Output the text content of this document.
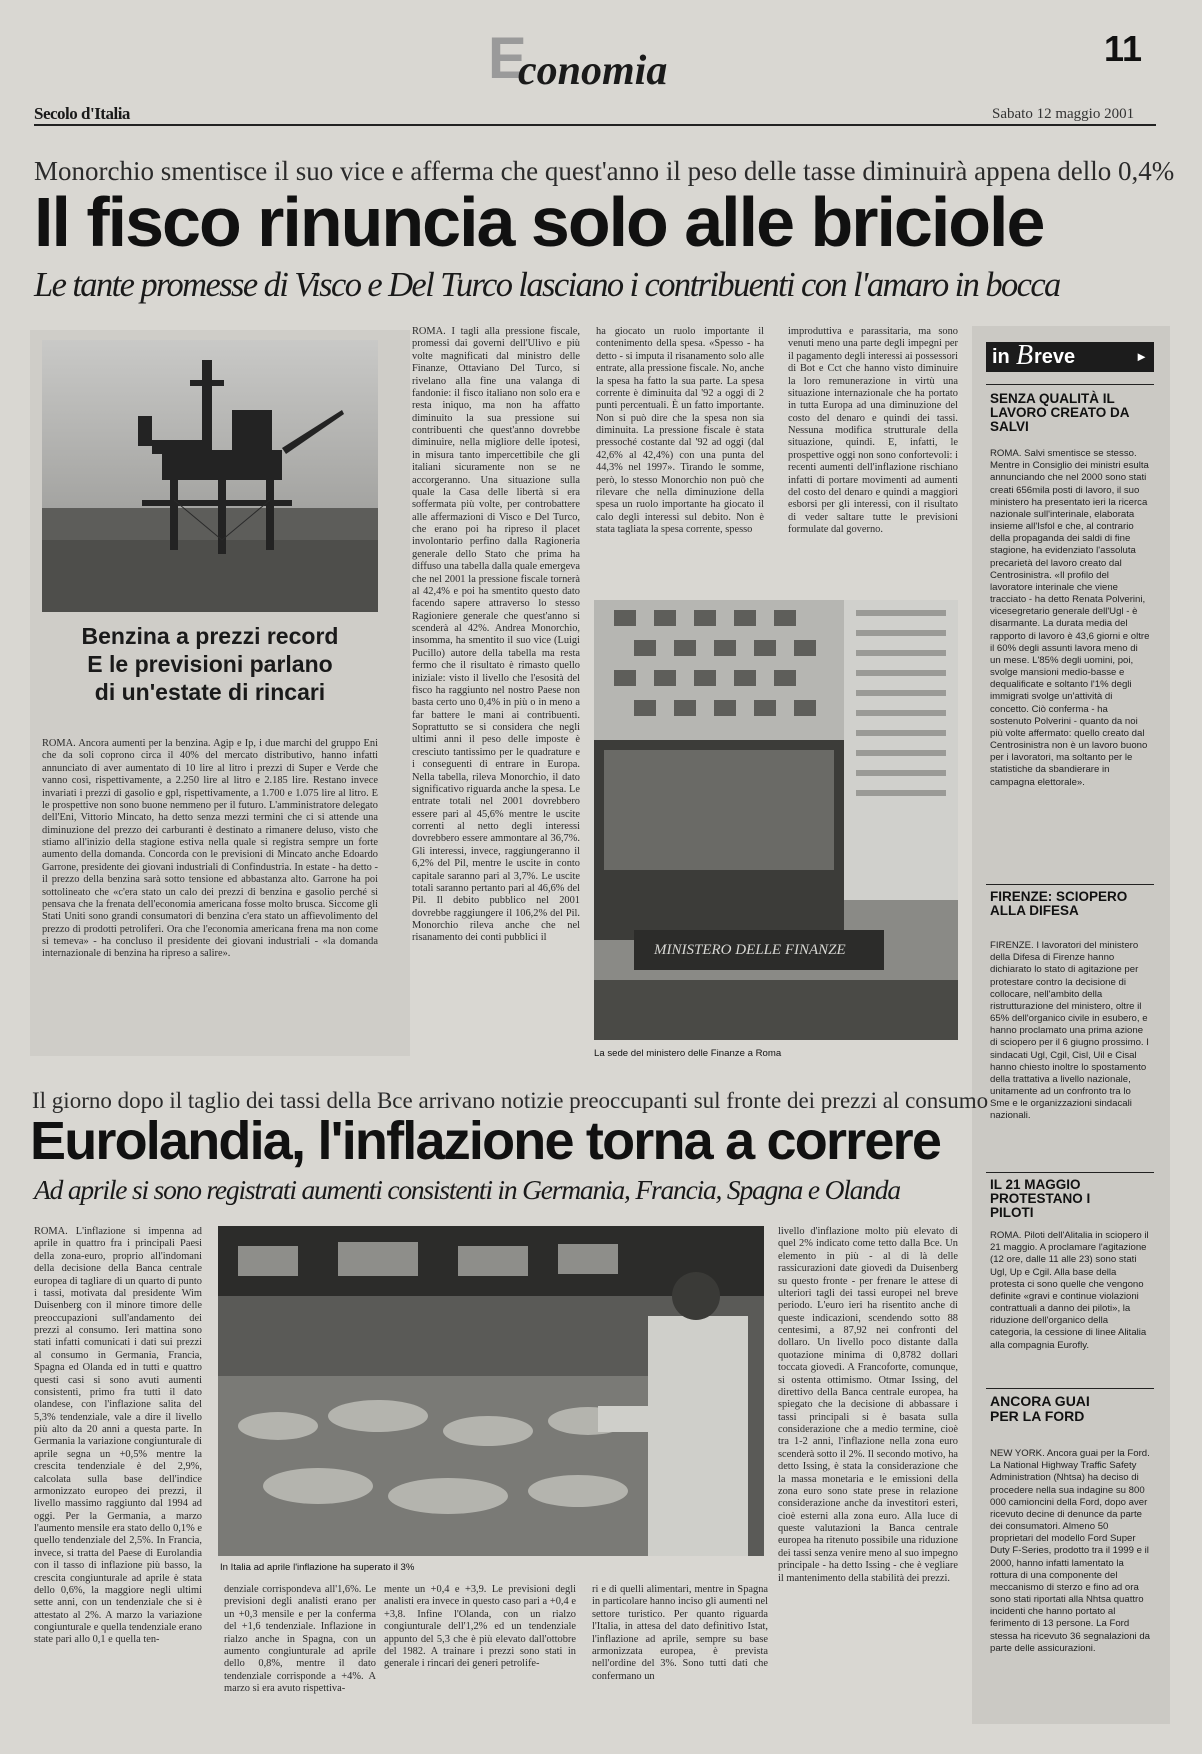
E
conomia	11
Secolo d'Italia	Sabato 12 maggio 2001
Monorchio smentisce il suo vice e afferma che quest'anno il peso delle tasse diminuirà appena dello 0,4%
Il fisco rinuncia solo alle briciole
Le tante promesse di Visco e Del Turco lasciano i contribuenti con l'amaro in bocca
Benzina a prezzi record
E le previsioni parlano
di un'estate di rincari
ROMA. Ancora aumenti per la benzina. Agip e Ip, i due marchi del gruppo Eni che da soli coprono circa il 40% del mercato distributivo, hanno infatti annunciato di aver aumentato di 10 lire al litro i prezzi di Super e Verde che vanno così, rispettivamente, a 2.250 lire al litro e 2.185 lire. Restano invece invariati i prezzi di gasolio e gpl, rispettivamente, a 1.700 e 1.075 lire al litro. E le prospettive non sono buone nemmeno per il futuro. L'amministratore delegato dell'Eni, Vittorio Mincato, ha detto senza mezzi termini che ci si attende una diminuzione del prezzo dei carburanti è destinato a rimanere deluso, visto che stiamo all'inizio della stagione estiva nella quale si registra sempre un forte aumento della domanda. Concorda con le previsioni di Mincato anche Edoardo Garrone, presidente dei giovani industriali di Confindustria. In estate - ha detto - il prezzo della benzina sarà sotto tensione ed abbastanza alto. Garrone ha poi sottolineato che «c'era stato un calo dei prezzi di benzina e gasolio perché si pensava che la frenata dell'economia americana fosse molto brusca. Siccome gli Stati Uniti sono grandi consumatori di benzina c'era stato un affievolimento del prezzo di prodotti petroliferi. Ora che l'economia americana frena ma non come si temeva» - ha concluso il presidente dei giovani industriali - «la domanda internazionale di benzina ha ripreso a salire».
ROMA. I tagli alla pressione fiscale, promessi dai governi dell'Ulivo e più volte magnificati dal ministro delle Finanze, Ottaviano Del Turco, si rivelano alla fine una valanga di fandonie: il fisco italiano non solo era e resta iniquo, ma non ha affatto diminuito la sua pressione sui contribuenti che quest'anno dovrebbe diminuire, nella migliore delle ipotesi, in misura tanto impercettibile che gli italiani sicuramente non se ne accorgeranno. Una situazione sulla quale la Casa delle libertà si era soffermata più volte, per controbattere alle affermazioni di Visco e Del Turco, che erano poi ha ripreso il placet involontario perfino dalla Ragioneria generale dello Stato che prima ha diffuso una tabella dalla quale emergeva che nel 2001 la pressione fiscale tornerà al 42,4% e poi ha smentito questo dato facendo sapere attraverso lo stesso Ragioniere generale che quest'anno si scenderà al 42%. Andrea Monorchio, insomma, ha smentito il suo vice (Luigi Pucillo) autore della tabella ma resta fermo che il risultato è rimasto quello iniziale: visto il livello che l'esosità del fisco ha raggiunto nel nostro Paese non basta certo uno 0,4% in più o in meno a far battere le mani ai contribuenti. Soprattutto se si considera che negli ultimi anni il peso delle imposte è cresciuto tantissimo per le quadrature e i conseguenti di entrare in Europa. Nella tabella, rileva Monorchio, il dato significativo riguarda anche la spesa. Le entrate totali nel 2001 dovrebbero essere pari al 45,6% mentre le uscite correnti al netto degli interessi dovrebbero essere ammontare al 36,7%. Gli interessi, invece, raggiungeranno il 6,2% del Pil, mentre le uscite in conto capitale saranno pari al 3,7%. Le uscite totali saranno pertanto pari al 46,6% del Pil. Il debito pubblico nel 2001 dovrebbe raggiungere il 106,2% del Pil. Monorchio rileva anche che nel risanamento dei conti pubblici il
ha giocato un ruolo importante il contenimento della spesa. «Spesso - ha detto - si imputa il risanamento solo alle entrate, alla pressione fiscale. No, anche la spesa ha fatto la sua parte. La spesa corrente è diminuita dal '92 a oggi di 2 punti percentuali. È un fatto importante. Non si può dire che la spesa non sia diminuita. La pressione fiscale è stata pressoché costante dal '92 ad oggi (dal 42,6% al 42,4%) con una punta del 44,3% nel 1997». Tirando le somme, però, lo stesso Monorchio non può che rilevare che nella diminuzione della spesa un ruolo importante ha giocato il calo degli interessi sul debito. Non è stata tagliata la spesa corrente, spesso
improduttiva e parassitaria, ma sono venuti meno una parte degli impegni per il pagamento degli interessi ai possessori di Bot e Cct che hanno visto diminuire la loro remunerazione in virtù una situazione internazionale che ha portato in tutta Europa ad una diminuzione del costo del denaro e quindi dei tassi. Nessuna modifica strutturale della situazione, quindi. E, infatti, le prospettive oggi non sono confortevoli: i recenti aumenti dell'inflazione rischiano infatti di portare movimenti ad aumenti del costo del denaro e quindi a maggiori esborsi per gli interessi, con il risultato di veder saltare tutte le previsioni formulate dal governo.
MINISTERO DELLE FINANZE
La sede del ministero delle Finanze a Roma
in B reve	►
SENZA QUALITÀ IL LAVORO CREATO DA SALVI
ROMA. Salvi smentisce se stesso. Mentre in Consiglio dei ministri esulta annunciando che nel 2000 sono stati creati 656mila posti di lavoro, il suo ministero ha presentato ieri la ricerca nazionale sull'interinale, elaborata insieme all'Isfol e che, al contrario della propaganda dei saldi di fine stagione, ha evidenziato l'assoluta precarietà del lavoro creato dal Centrosinistra. «Il profilo del lavoratore interinale che viene tracciato - ha detto Renata Polverini, vicesegretario generale dell'Ugl - è disarmante. La durata media del rapporto di lavoro è 43,6 giorni e oltre il 60% degli assunti lavora meno di un mese. L'85% degli uomini, poi, svolge mansioni medio-basse e dequalificate e soltanto l'1% degli immigrati svolge un'attività di concetto. Ciò conferma - ha sostenuto Polverini - quanto da noi più volte affermato: quello creato dal Centrosinistra non è un lavoro buono per i lavoratori, ma soltanto per le statistiche da sbandierare in campagna elettorale».
FIRENZE: SCIOPERO ALLA DIFESA
FIRENZE. I lavoratori del ministero della Difesa di Firenze hanno dichiarato lo stato di agitazione per protestare contro la decisione di collocare, nell'ambito della ristrutturazione del ministero, oltre il 65% dell'organico civile in esubero, e hanno proclamato una prima azione di sciopero per il 6 giugno prossimo. I sindacati Ugl, Cgil, Cisl, Uil e Cisal hanno chiesto inoltre lo spostamento della trattativa a livello nazionale, unitamente ad un confronto tra lo Sme e le organizzazioni sindacali nazionali.
IL 21 MAGGIO PROTESTANO I PILOTI
ROMA. Piloti dell'Alitalia in sciopero il 21 maggio. A proclamare l'agitazione (12 ore, dalle 11 alle 23) sono stati Ugl, Up e Cgil. Alla base della protesta ci sono quelle che vengono definite «gravi e continue violazioni contrattuali a danno dei piloti», la riduzione dell'organico della categoria, la cessione di linee Alitalia alla compagnia Eurofly.
ANCORA GUAI PER LA FORD
NEW YORK. Ancora guai per la Ford. La National Highway Traffic Safety Administration (Nhtsa) ha deciso di procedere nella sua indagine su 800 000 camioncini della Ford, dopo aver ricevuto decine di denunce da parte dei consumatori. Almeno 50 proprietari del modello Ford Super Duty F-Series, prodotto tra il 1999 e il 2000, hanno infatti lamentato la rottura di una componente del meccanismo di sterzo e fino ad ora sono stati riportati alla Nhtsa quattro incidenti che hanno portato al ferimento di 13 persone. La Ford stessa ha ricevuto 36 segnalazioni da parte delle assicurazioni.
Il giorno dopo il taglio dei tassi della Bce arrivano notizie preoccupanti sul fronte dei prezzi al consumo
Eurolandia, l'inflazione torna a correre
Ad aprile si sono registrati aumenti consistenti in Germania, Francia, Spagna e Olanda
ROMA. L'inflazione si impenna ad aprile in quattro fra i principali Paesi della zona-euro, proprio all'indomani della decisione della Banca centrale europea di tagliare di un quarto di punto i tassi, motivata dal presidente Wim Duisenberg con il minore timore delle preoccupazioni sull'andamento dei prezzi al consumo. Ieri mattina sono stati infatti comunicati i dati sui prezzi al consumo in Germania, Francia, Spagna ed Olanda ed in tutti e quattro questi casi si sono avuti aumenti consistenti, primo fra tutti il dato olandese, con l'inflazione salita del 5,3% tendenziale, vale a dire il livello più alto da 20 anni a questa parte. In Germania la variazione congiunturale di aprile segna un +0,5% mentre la crescita tendenziale è del 2,9%, calcolata sulla base dell'indice armonizzato europeo dei prezzi, il livello massimo raggiunto dal 1994 ad oggi. Per la Germania, a marzo l'aumento mensile era stato dello 0,1% e quello tendenziale del 2,5%. In Francia, invece, si tratta del Paese di Eurolandia con il tasso di inflazione più basso, la crescita congiunturale ad aprile è stata dello 0,6%, la maggiore negli ultimi sette anni, con un tendenziale che si è attestato al 2%. A marzo la variazione congiunturale e quella tendenziale erano state pari allo 0,1 e quella ten-
In Italia ad aprile l'inflazione ha superato il 3%
denziale corrispondeva all'1,6%. Le previsioni degli analisti erano per un +0,3 mensile e per la conferma del +1,6 tendenziale. Inflazione in rialzo anche in Spagna, con un aumento congiunturale ad aprile dello 0,8%, mentre il dato tendenziale corrisponde a +4%. A marzo si era avuto rispettiva-
mente un +0,4 e +3,9. Le previsioni degli analisti era invece in questo caso pari a +0,4 e +3,8. Infine l'Olanda, con un rialzo congiunturale dell'1,2% ed un tendenziale appunto del 5,3 che è più elevato dall'ottobre del 1982. A trainare i prezzi sono stati in generale i rincari dei generi petrolife-
ri e di quelli alimentari, mentre in Spagna in particolare hanno inciso gli aumenti nel settore turistico. Per quanto riguarda l'Italia, in attesa del dato definitivo Istat, l'inflazione ad aprile, sempre su base armonizzata europea, è prevista nell'ordine del 3%. Sono tutti dati che confermano un
livello d'inflazione molto più elevato di quel 2% indicato come tetto dalla Bce. Un elemento in più - al di là delle rassicurazioni date giovedì da Duisenberg su questo fronte - per frenare le attese di ulteriori tagli dei tassi europei nel breve periodo. L'euro ieri ha risentito anche di queste indicazioni, scendendo sotto 88 centesimi, a 87,92 nei confronti del dollaro. Un livello poco distante dalla quotazione minima di 0,8782 dollari toccata giovedì. A Francoforte, comunque, si ostenta ottimismo. Otmar Issing, del direttivo della Banca centrale europea, ha spiegato che la decisione di abbassare i tassi principali si è basata sulla considerazione che a medio termine, cioè tra 1-2 anni, l'inflazione nella zona euro scenderà sotto il 2%. Il secondo motivo, ha detto Issing, è stata la considerazione che la massa monetaria e le emissioni della zona euro sono state prese in relazione considerazione anche da investitori esteri, cioè esterni alla zona euro. Alla luce di queste valutazioni la Banca centrale europea ha ritenuto possibile una riduzione dei tassi senza venire meno al suo impegno principale - ha detto Issing - che è vegliare il mantenimento della stabilità dei prezzi.
